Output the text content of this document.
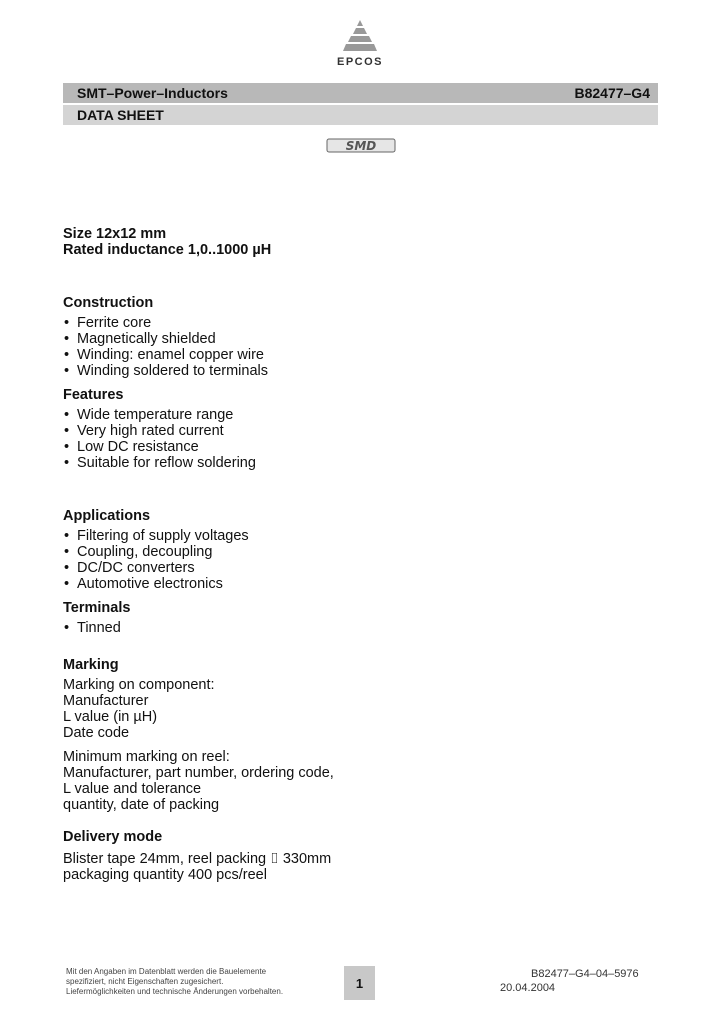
EPCOS
SMT–Power–Inductors	B82477–G4
DATA SHEET
SMD
Size 12x12 mm
Rated inductance 1,0..1000 µH
Construction
• Ferrite core
• Magnetically shielded
• Winding: enamel copper wire
• Winding soldered to terminals
Features
• Wide temperature range
• Very high rated current
• Low DC resistance
• Suitable for reflow soldering
Applications
• Filtering of supply voltages
• Coupling, decoupling
• DC/DC converters
• Automotive electronics
Terminals
• Tinned
Marking
Marking on component:
Manufacturer
L value (in µH)
Date code
Minimum marking on reel:
Manufacturer, part number, ordering code,
L value and tolerance
quantity, date of packing
Delivery mode
Blister tape 24mm, reel packing ⌷ 330mm
packaging quantity 400 pcs/reel
Mit den Angaben im Datenblatt werden die Bauelemente
spezifiziert, nicht Eigenschaften zugesichert.
Liefermöglichkeiten und technische Änderungen vorbehalten.
1
B82477–G4–04–5976
20.04.2004
